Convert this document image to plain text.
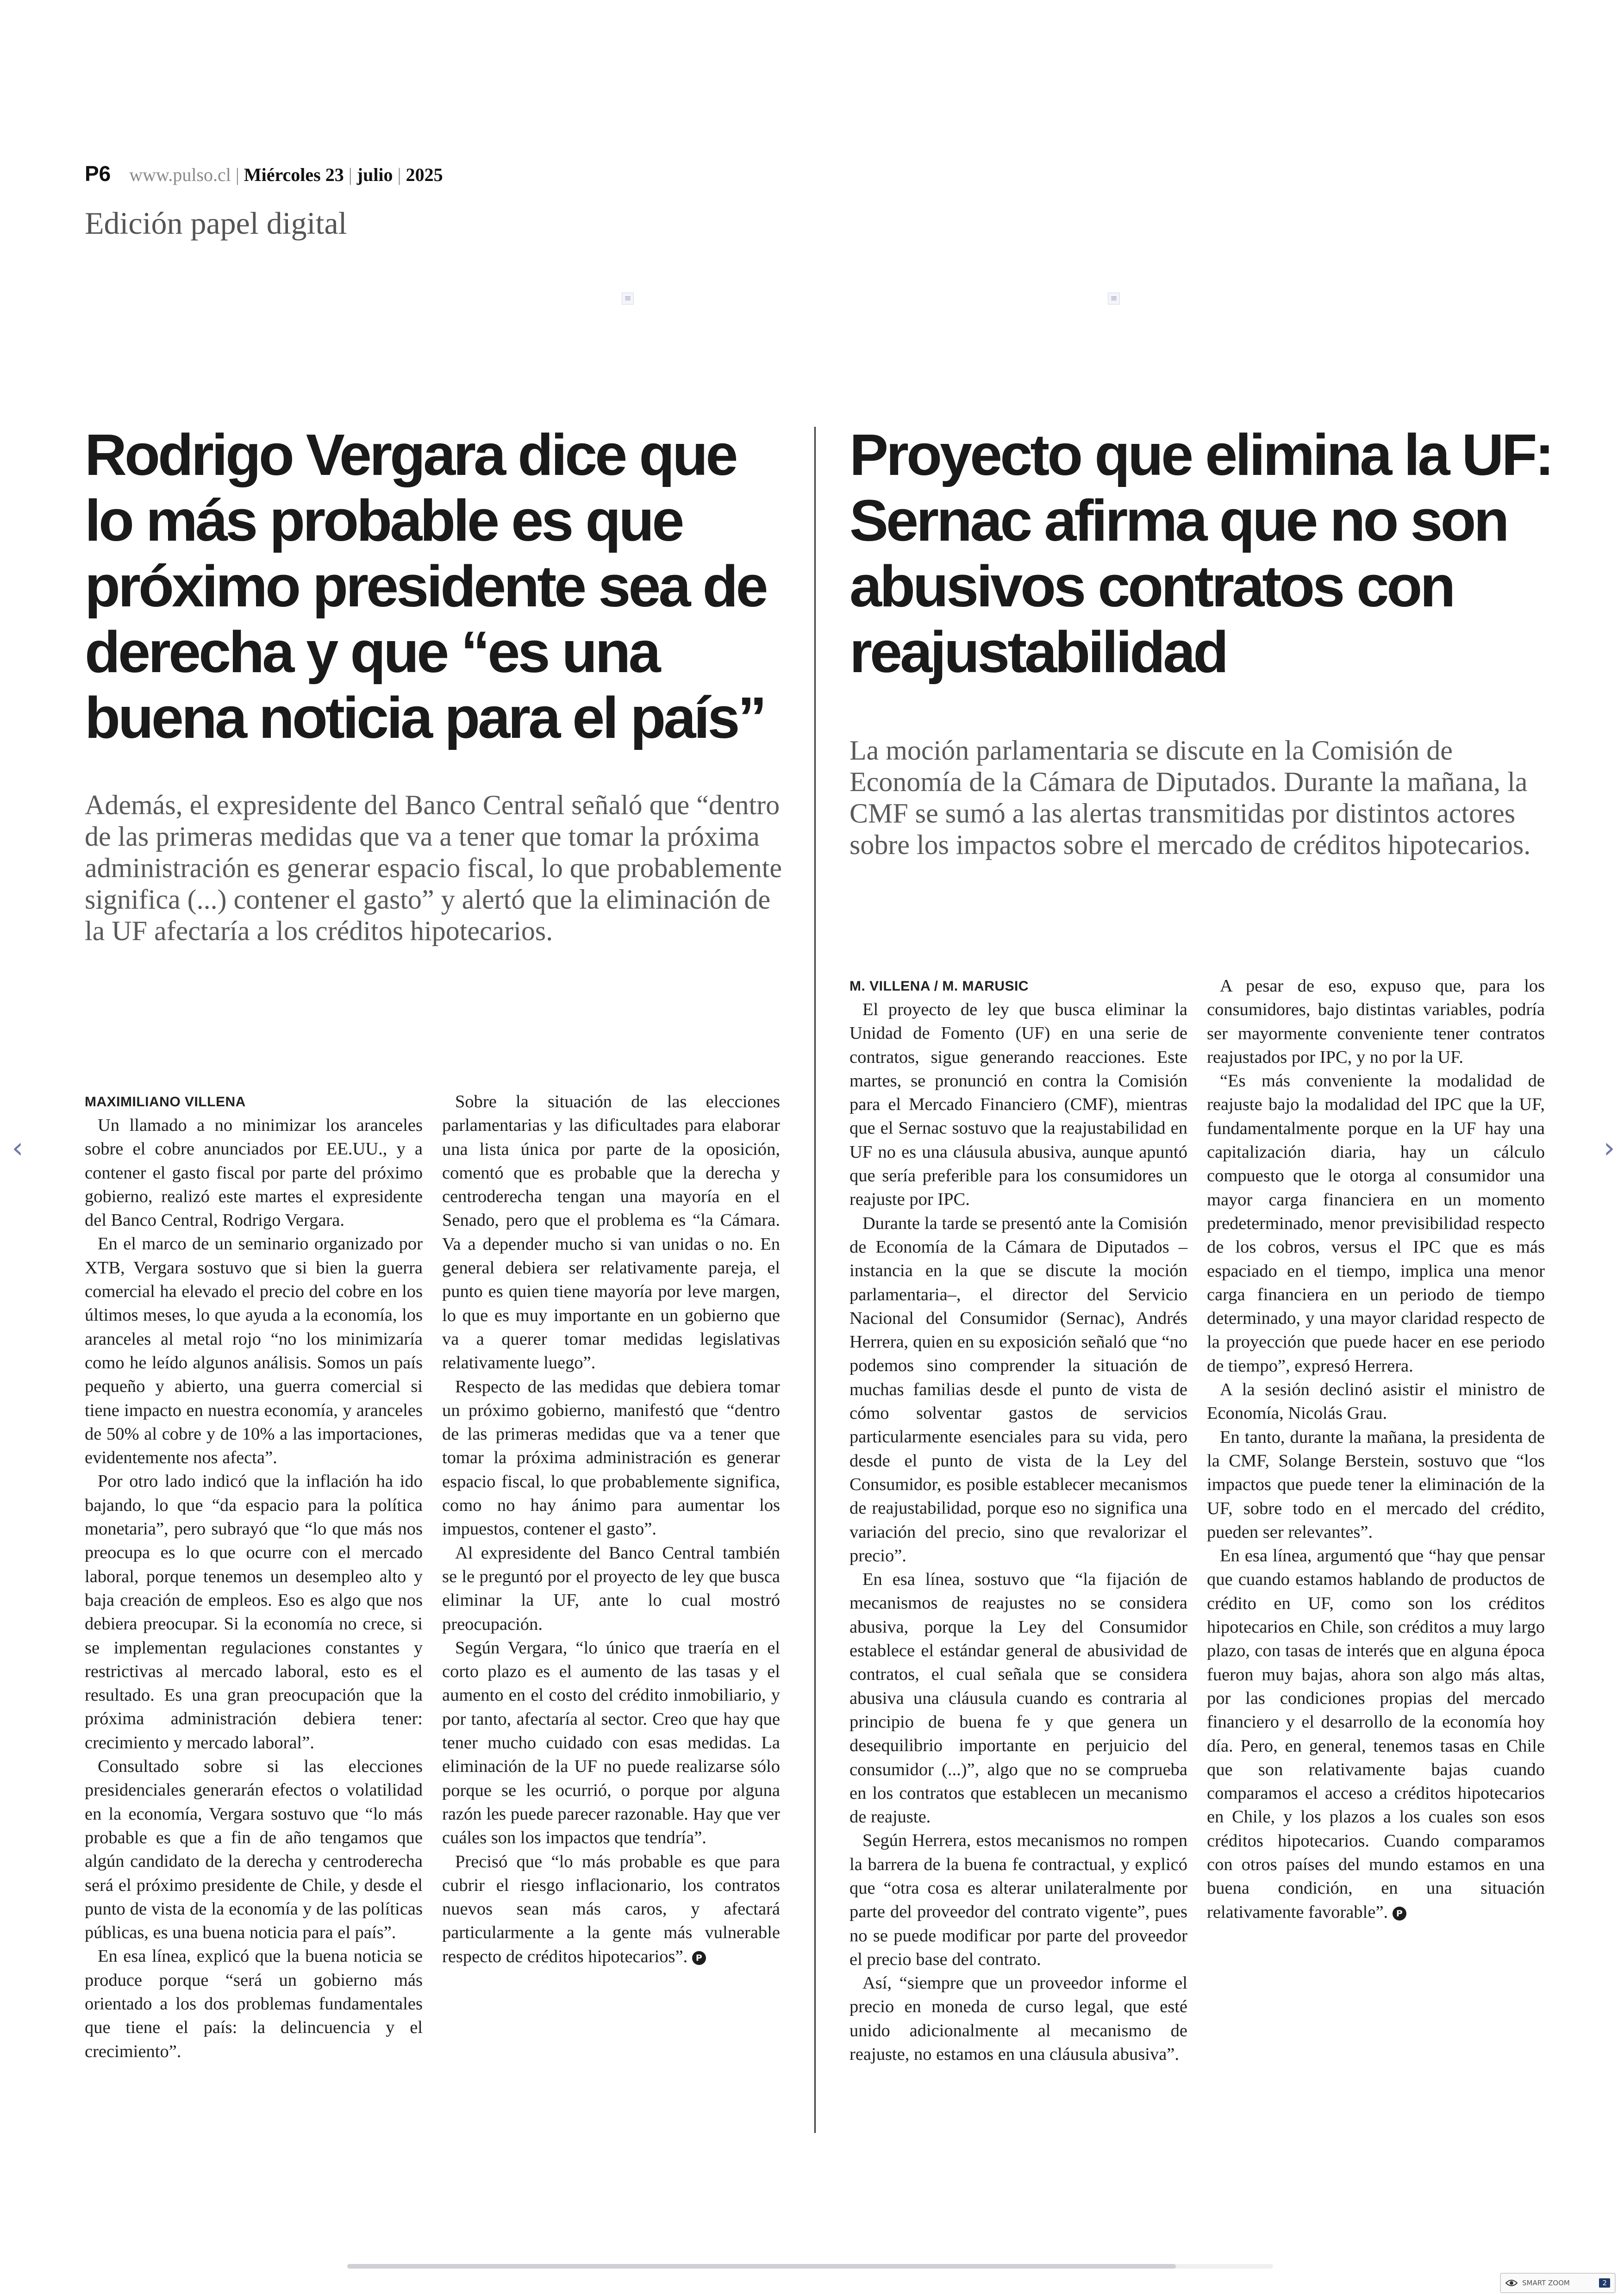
P6 www.pulso.cl | Miércoles 23 | julio | 2025
Edición papel digital
≡	≡
Rodrigo Vergara dice que lo más probable es que próximo presidente sea de derecha y que “es una buena noticia para el país”
Además, el expresidente del Banco Central señaló que “dentro de las primeras medidas que va a tener que tomar la próxima administración es generar espacio fiscal, lo que probablemente significa (...) contener el gasto” y alertó que la eliminación de la UF afectaría a los créditos hipotecarios.
MAXIMILIANO VILLENA

Un llamado a no minimizar los aranceles sobre el cobre anunciados por EE.UU., y a contener el gasto fiscal por parte del próximo gobierno, realizó este martes el expresidente del Banco Central, Rodrigo Vergara.

En el marco de un seminario organizado por XTB, Vergara sostuvo que si bien la guerra comercial ha elevado el precio del cobre en los últimos meses, lo que ayuda a la economía, los aranceles al metal rojo “no los minimizaría como he leído algunos análisis. Somos un país pequeño y abierto, una guerra comercial si tiene impacto en nuestra economía, y aranceles de 50% al cobre y de 10% a las importaciones, evidentemente nos afecta”.

Por otro lado indicó que la inflación ha ido bajando, lo que “da espacio para la política monetaria”, pero subrayó que “lo que más nos preocupa es lo que ocurre con el mercado laboral, porque tenemos un desempleo alto y baja creación de empleos. Eso es algo que nos debiera preocupar. Si la economía no crece, si se implementan regulaciones constantes y restrictivas al mercado laboral, esto es el resultado. Es una gran preocupación que la próxima administración debiera tener: crecimiento y mercado laboral”.

Consultado sobre si las elecciones presidenciales generarán efectos o volatilidad en la economía, Vergara sostuvo que “lo más probable es que a fin de año tengamos que algún candidato de la derecha y centroderecha será el próximo presidente de Chile, y desde el punto de vista de la economía y de las políticas públicas, es una buena noticia para el país”.

En esa línea, explicó que la buena noticia se produce porque “será un gobierno más orientado a los dos problemas fundamentales que tiene el país: la delincuencia y el crecimiento”.

Sobre la situación de las elecciones parlamentarias y las dificultades para elaborar una lista única por parte de la oposición, comentó que es probable que la derecha y centroderecha tengan una mayoría en el Senado, pero que el problema es “la Cámara. Va a depender mucho si van unidas o no. En general debiera ser relativamente pareja, el punto es quien tiene mayoría por leve margen, lo que es muy importante en un gobierno que va a querer tomar medidas legislativas relativamente luego”.

Respecto de las medidas que debiera tomar un próximo gobierno, manifestó que “dentro de las primeras medidas que va a tener que tomar la próxima administración es generar espacio fiscal, lo que probablemente significa, como no hay ánimo para aumentar los impuestos, contener el gasto”.

Al expresidente del Banco Central también se le preguntó por el proyecto de ley que busca eliminar la UF, ante lo cual mostró preocupación.

Según Vergara, “lo único que traería en el corto plazo es el aumento de las tasas y el aumento en el costo del crédito inmobiliario, y por tanto, afectaría al sector. Creo que hay que tener mucho cuidado con esas medidas. La eliminación de la UF no puede realizarse sólo porque se les ocurrió, o porque por alguna razón les puede parecer razonable. Hay que ver cuáles son los impactos que tendría”.

Precisó que “lo más probable es que para cubrir el riesgo inflacionario, los contratos nuevos sean más caros, y afectará particularmente a la gente más vulnerable respecto de créditos hipotecarios”. P

Proyecto que elimina la UF: Sernac afirma que no son abusivos contratos con reajustabilidad
La moción parlamentaria se discute en la Comisión de Economía de la Cámara de Diputados. Durante la mañana, la CMF se sumó a las alertas transmitidas por distintos actores sobre los impactos sobre el mercado de créditos hipotecarios.
M. VILLENA / M. MARUSIC

El proyecto de ley que busca eliminar la Unidad de Fomento (UF) en una serie de contratos, sigue generando reacciones. Este martes, se pronunció en contra la Comisión para el Mercado Financiero (CMF), mientras que el Sernac sostuvo que la reajustabilidad en UF no es una cláusula abusiva, aunque apuntó que sería preferible para los consumidores un reajuste por IPC.

Durante la tarde se presentó ante la Comisión de Economía de la Cámara de Diputados –instancia en la que se discute la moción parlamentaria–, el director del Servicio Nacional del Consumidor (Sernac), Andrés Herrera, quien en su exposición señaló que “no podemos sino comprender la situación de muchas familias desde el punto de vista de cómo solventar gastos de servicios particularmente esenciales para su vida, pero desde el punto de vista de la Ley del Consumidor, es posible establecer mecanismos de reajustabilidad, porque eso no significa una variación del precio, sino que revalorizar el precio”.

En esa línea, sostuvo que “la fijación de mecanismos de reajustes no se considera abusiva, porque la Ley del Consumidor establece el estándar general de abusividad de contratos, el cual señala que se considera abusiva una cláusula cuando es contraria al principio de buena fe y que genera un desequilibrio importante en perjuicio del consumidor (...)”, algo que no se comprueba en los contratos que establecen un mecanismo de reajuste.

Según Herrera, estos mecanismos no rompen la barrera de la buena fe contractual, y explicó que “otra cosa es alterar unilateralmente por parte del proveedor del contrato vigente”, pues no se puede modificar por parte del proveedor el precio base del contrato.

Así, “siempre que un proveedor informe el precio en moneda de curso legal, que esté unido adicionalmente al mecanismo de reajuste, no estamos en una cláusula abusiva”.

A pesar de eso, expuso que, para los consumidores, bajo distintas variables, podría ser mayormente conveniente tener contratos reajustados por IPC, y no por la UF.

“Es más conveniente la modalidad de reajuste bajo la modalidad del IPC que la UF, fundamentalmente porque en la UF hay una capitalización diaria, hay un cálculo compuesto que le otorga al consumidor una mayor carga financiera en un momento predeterminado, menor previsibilidad respecto de los cobros, versus el IPC que es más espaciado en el tiempo, implica una menor carga financiera en un periodo de tiempo determinado, y una mayor claridad respecto de la proyección que puede hacer en ese periodo de tiempo”, expresó Herrera.

A la sesión declinó asistir el ministro de Economía, Nicolás Grau.

En tanto, durante la mañana, la presidenta de la CMF, Solange Berstein, sostuvo que “los impactos que puede tener la eliminación de la UF, sobre todo en el mercado del crédito, pueden ser relevantes”.

En esa línea, argumentó que “hay que pensar que cuando estamos hablando de productos de crédito en UF, como son los créditos hipotecarios en Chile, son créditos a muy largo plazo, con tasas de interés que en alguna época fueron muy bajas, ahora son algo más altas, por las condiciones propias del mercado financiero y el desarrollo de la economía hoy día. Pero, en general, tenemos tasas en Chile que son relativamente bajas cuando comparamos el acceso a créditos hipotecarios en Chile, y los plazos a los cuales son esos créditos hipotecarios. Cuando comparamos con otros países del mundo estamos en una buena condición, en una situación relativamente favorable”. P

‹	›
SMART ZOOM	2
